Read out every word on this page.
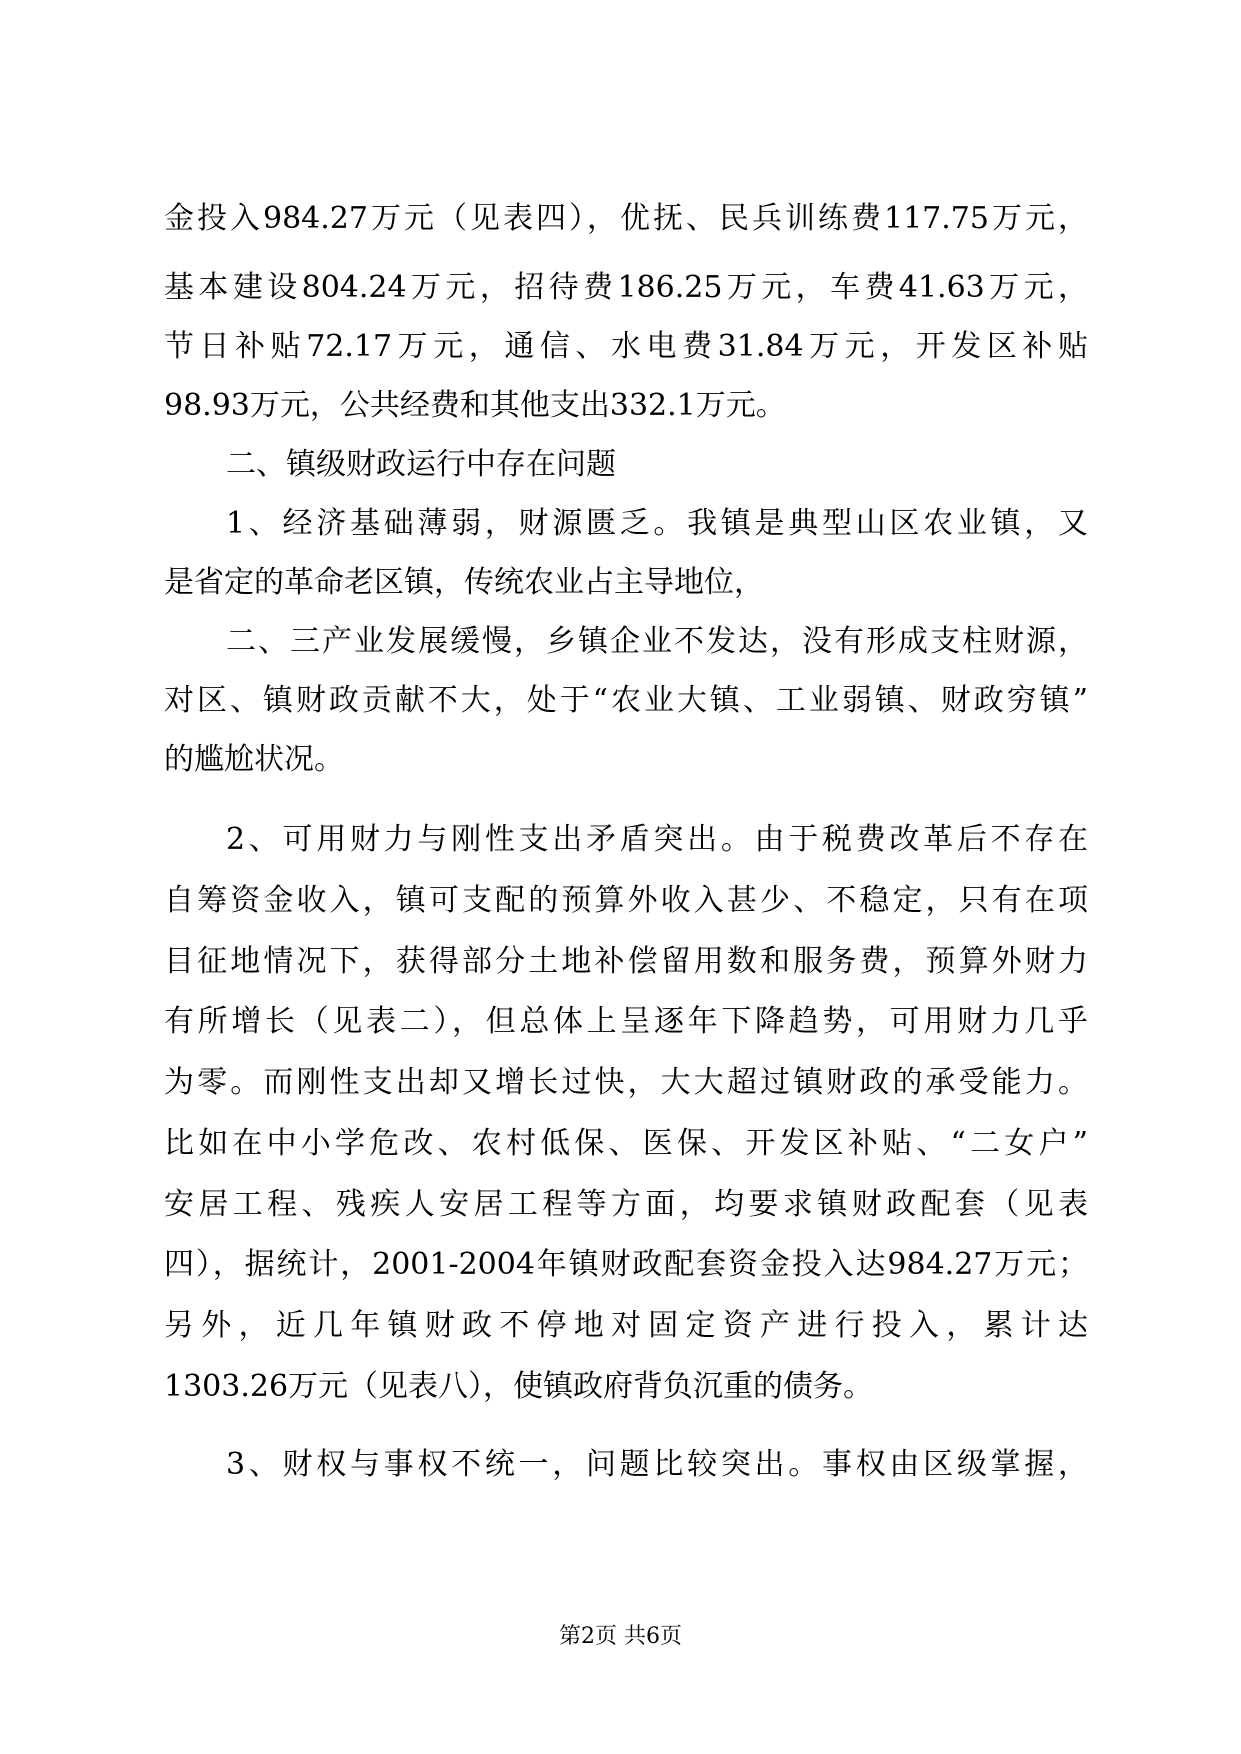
金投入984.27万元（见表四），优抚、民兵训练费117.75万元，

基本建设804.24万元，招待费186.25万元，车费41.63万元，

节日补贴72.17万元，通信、水电费31.84万元，开发区补贴

98.93万元，公共经费和其他支出332.1万元。

二、镇级财政运行中存在问题

1、经济基础薄弱，财源匮乏。我镇是典型山区农业镇，又

是省定的革命老区镇，传统农业占主导地位，

二、三产业发展缓慢，乡镇企业不发达，没有形成支柱财源，

对区、镇财政贡献不大，处于“农业大镇、工业弱镇、财政穷镇”

的尴尬状况。

2、可用财力与刚性支出矛盾突出。由于税费改革后不存在

自筹资金收入，镇可支配的预算外收入甚少、不稳定，只有在项

目征地情况下，获得部分土地补偿留用数和服务费，预算外财力

有所增长（见表二），但总体上呈逐年下降趋势，可用财力几乎

为零。而刚性支出却又增长过快，大大超过镇财政的承受能力。

比如在中小学危改、农村低保、医保、开发区补贴、“二女户”

安居工程、残疾人安居工程等方面，均要求镇财政配套（见表

四），据统计，2001-2004年镇财政配套资金投入达984.27万元；

另外，近几年镇财政不停地对固定资产进行投入，累计达

1303.26万元（见表八），使镇政府背负沉重的债务。

3、财权与事权不统一，问题比较突出。事权由区级掌握，

第2页 共6页
